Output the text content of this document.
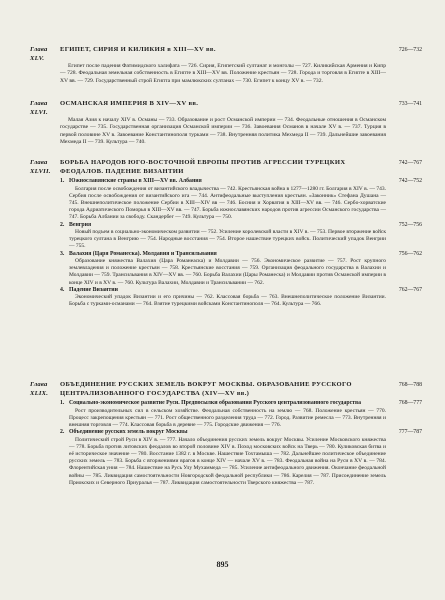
Глава XLV.
ЕГИПЕТ, СИРИЯ И КИЛИКИЯ в XIII—XV вв.	726—732

Египет после падения Фатимидского халифата — 726. Сирия, Египетский султанат и монголы — 727. Киликийская Армения и Кипр — 728. Феодальная земельная собственность в Египте в XIII—XV вв. Положение крестьян — 728. Города и торговля в Египте в XIII—XV вв. — 729. Государственный строй Египта при мамлюкских султанах — 730. Египет к концу XV в. — 732.

Глава XLVI.
ОСМАНСКАЯ ИМПЕРИЯ В XIV—XV вв.	733—741

Малая Азия к началу XIV в. Османы — 733. Образование и рост Османской империи — 734. Феодальные отношения в Османском государстве — 735. Государственная организация Османской империи — 736. Завоевания Османов в начале XV в. — 737. Турция в первой половине XV в. Завоевание Константинополя турками — 738. Внутренняя политика Мехмеда II — 739. Дальнейшие завоевания Мехмеда II — 739. Культура — 740.

Глава XLVII.
БОРЬБА НАРОДОВ ЮГО-ВОСТОЧНОЙ ЕВРОПЫ ПРОТИВ АГРЕССИИ ТУРЕЦКИХ ФЕОДАЛОВ. ПАДЕНИЕ ВИЗАНТИИ
742—767
1. Южнославянские страны в XIII—XV вв. Албания	742—752

Болгария после освобождения от византийского владычества — 742. Крестьянская война в 1277—1280 гг. Болгария в XIV в. — 743. Сербия после освобождения от византийского ига — 744. Антифеодальные выступления крестьян. «Законник» Стефана Душана — 745. Внешнеполитическое положение Сербии в XIII—XIV вв — 746. Босния и Хорватия в XIII—XV вв. — 746. Сербо-хорватские города Адриатического Поморья в XIII—XV вв. — 747. Борьба южнославянских народов против агрессии Османского государства — 747. Борьба Албании за свободу. Скандербег — 749. Культура — 750.

2. Венгрия	752—756

Новый подъем в социально-экономическом развитии — 752. Усиление королевской власти в XIV в. — 753. Первое вторжение войск турецкого султана в Венгрию — 754. Народные восстания — 754. Второе нашествие турецких войск. Политический упадок Венгрии — 755.

3. Валахия (Царя Романеска). Молдавия и Трансильвания	756—762

Образование княжества Валахия (Цара Романеаска) и Молдавии — 756. Экономическое развитие — 757. Рост крупного землевладения и положение крестьян — 758. Крестьянские восстания — 759. Организация феодального государства в Валахии и Молдавии — 759. Трансильвания в XIV—XV вв. — 760. Борьба Валахии (Цары Романеска) и Молдавии против Османской империи в конце XIV и в XV в. — 760. Культура Валахии, Молдавии и Трансильвании — 762.

4. Падение Византии	762—767

Экономический упадок Византии и его причины — 762. Классовая борьба — 763. Внешнеполитическое положение Византии. Борьба с турками-османами — 764. Взятие турецкими войсками Константинополя — 764. Культура — 766.

Глава XLIX.
ОБЪЕДИНЕНИЕ РУССКИХ ЗЕМЕЛЬ ВОКРУГ МОСКВЫ. ОБРАЗОВАНИЕ РУССКОГО ЦЕНТРАЛИЗОВАННОГО ГОСУДАРСТВА (XIV—XV вв.)
768—788
1. Социально-экономическое развитие Руси. Предпосылки образования Русского централизованного государства	768—777

Рост производительных сил в сельском хозяйстве. Феодальная собственность на землю — 768. Положение крестьян — 770. Процесс закрепощения крестьян — 771. Рост общественного разделения труда — 772. Город. Развитие ремесла — 773. Внутренняя и внешняя торговля — 774. Классовая борьба в деревне — 775. Городские движения — 776.

2. Объединение русских земель вокруг Москвы	777—787

Политический строй Руси в XIV в. — 777. Начало объединения русских земель вокруг Москвы. Усиление Московского княжества — 778. Борьба против литовских феодалов во второй половине XIV в. Поход московских войск на Тверь — 780. Куликовская битва и её историческое значение — 780. Восстание 1382 г. в Москве. Нашествие Тохтамыша — 782. Дальнейшее политическое объединение русских земель — 783. Борьба с вторжениями врагов в конце XIV — начале XV в. — 783. Феодальная война на Руси в XV в. — 784. Флорентийская уния — 784. Нашествие на Русь Улу Мухаммеда — 785. Усиление антифеодального движения. Окончание феодальной войны — 785. Ликвидация самостоятельности Новгородской феодальной республики — 786. Карелия — 787. Присоединение земель Приокских и Северного Приуралья — 787. Ликвидация самостоятельности Тверского княжества — 787.

895
